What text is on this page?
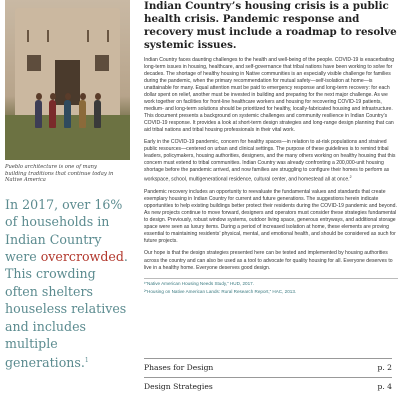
Pueblo architecture is one of many building traditions that continue today in Native America

In 2017, over 16% of households in Indian Country were overcrowded. This crowding often shelters houseless relatives and includes multiple generations.$^1$
Indian Country’s housing crisis is a public health crisis. Pandemic response and recovery must include a roadmap to resolve systemic issues.

Indian Country faces daunting challenges to the health and well-being of the people. COVID-19 is exacerbating long-term issues in housing, healthcare, and self-governance that tribal nations have been working to solve for decades. The shortage of healthy housing in Native communities is an especially visible challenge for families during the pandemic, when the primary recommendation for mutual safety—self-isolation at home—is unattainable for many. Equal attention must be paid to emergency response and long-term recovery: for each dollar spent on relief, another must be invested in building and preparing for the next major challenge. As we work together on facilities for front-line healthcare workers and housing for recovering COVID-19 patients, medium- and long-term solutions should be prioritized for healthy, locally-fabricated housing and infrastructure. This document presents a background on systemic challenges and community resilience in Indian Country’s COVID-19 response. It provides a look at short-term design strategies and long-range design planning that can aid tribal nations and tribal housing professionals in their vital work.

Early in the COVID-19 pandemic, concern for healthy spaces—in relation to at-risk populations and strained public resources—centered on urban and clinical settings. The purpose of these guidelines is to remind tribal leaders, policymakers, housing authorities, designers, and the many others working on healthy housing that this concern must extend to tribal communities. Indian Country was already confronting a 200,000-unit housing shortage before the pandemic arrived, and now families are struggling to configure their homes to perform as workspace, school, multigenerational residence, cultural center, and homestead all at once.$^2$

Pandemic recovery includes an opportunity to reevaluate the fundamental values and standards that create exemplary housing in Indian Country for current and future generations. The suggestions herein indicate opportunities to help existing buildings better protect their residents during the COVID-19 pandemic and beyond. As new projects continue to move forward, designers and operators must consider these strategies fundamental to design. Previously, robust window systems, outdoor living space, generous entryways, and additional storage space were seen as luxury items. During a period of increased isolation at home, these elements are proving essential to maintaining residents’ physical, mental, and emotional health, and should be considered as such for future projects.

Our hope is that the design strategies presented here can be tested and implemented by housing authorities across the country and can also be used as a tool to advocate for quality housing for all. Everyone deserves to live in a healthy home. Everyone deserves good design.

¹“Native American Housing Needs Study,” HUD, 2017.

²“Housing on Native American Lands: Rural Research Report,” HAC, 2013.

Phases for Design	p. 2
Design Strategies	p. 4
